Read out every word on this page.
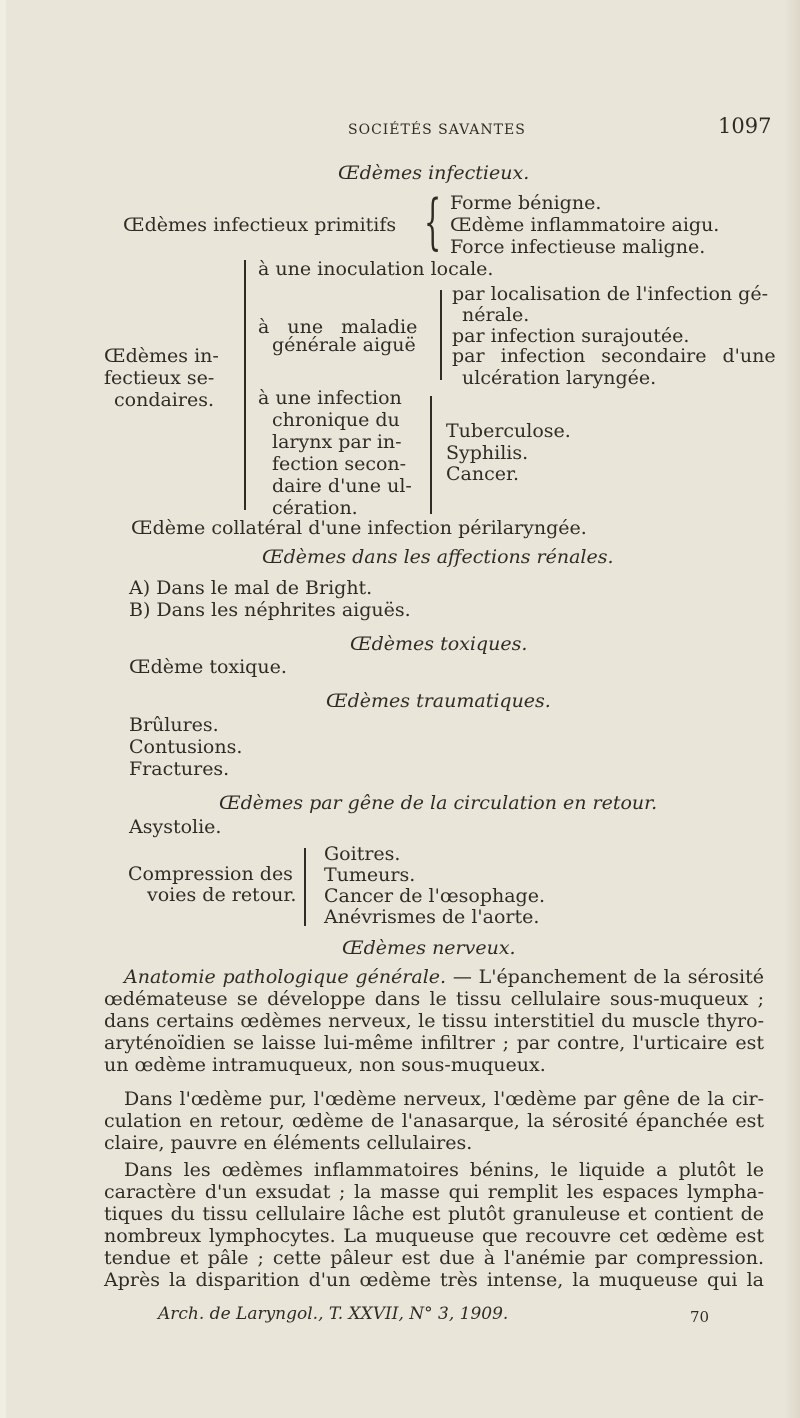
SOCIÉTÉS SAVANTES	1097
Œdèmes infectieux.
Œdèmes infectieux primitifs { Forme bénigne.
Œdème inflammatoire aigu.
Force infectieuse maligne.
Œdèmes in-
fectieux se-
condaires.
à une inoculation locale.
à une maladie
générale aiguë
par localisation de l'infection gé-
nérale.
par infection surajoutée.
par infection secondaire d'une
ulcération laryngée.
à une infection
chronique du
larynx par in-
fection secon-
daire d'une ul-
cération.
Tuberculose.
Syphilis.
Cancer.
Œdème collatéral d'une infection périlaryngée.
Œdèmes dans les affections rénales.
A) Dans le mal de Bright.
B) Dans les néphrites aiguës.
Œdèmes toxiques.
Œdème toxique.
Œdèmes traumatiques.
Brûlures.
Contusions.
Fractures.
Œdèmes par gêne de la circulation en retour.
Asystolie.
Compression des
voies de retour.
Goitres.
Tumeurs.
Cancer de l'œsophage.
Anévrismes de l'aorte.
Œdèmes nerveux.
Anatomie pathologique générale. — L'épanchement de la sérosité
œdémateuse se développe dans le tissu cellulaire sous-muqueux ;
dans certains œdèmes nerveux, le tissu interstitiel du muscle thyro-
aryténoïdien se laisse lui-même infiltrer ; par contre, l'urticaire est
un œdème intramuqueux, non sous-muqueux.
Dans l'œdème pur, l'œdème nerveux, l'œdème par gêne de la cir-
culation en retour, œdème de l'anasarque, la sérosité épanchée est
claire, pauvre en éléments cellulaires.
Dans les œdèmes inflammatoires bénins, le liquide a plutôt le
caractère d'un exsudat ; la masse qui remplit les espaces lympha-
tiques du tissu cellulaire lâche est plutôt granuleuse et contient de
nombreux lymphocytes. La muqueuse que recouvre cet œdème est
tendue et pâle ; cette pâleur est due à l'anémie par compression.
Après la disparition d'un œdème très intense, la muqueuse qui la
Arch. de Laryngol., T. XXVII, N° 3, 1909.	70
